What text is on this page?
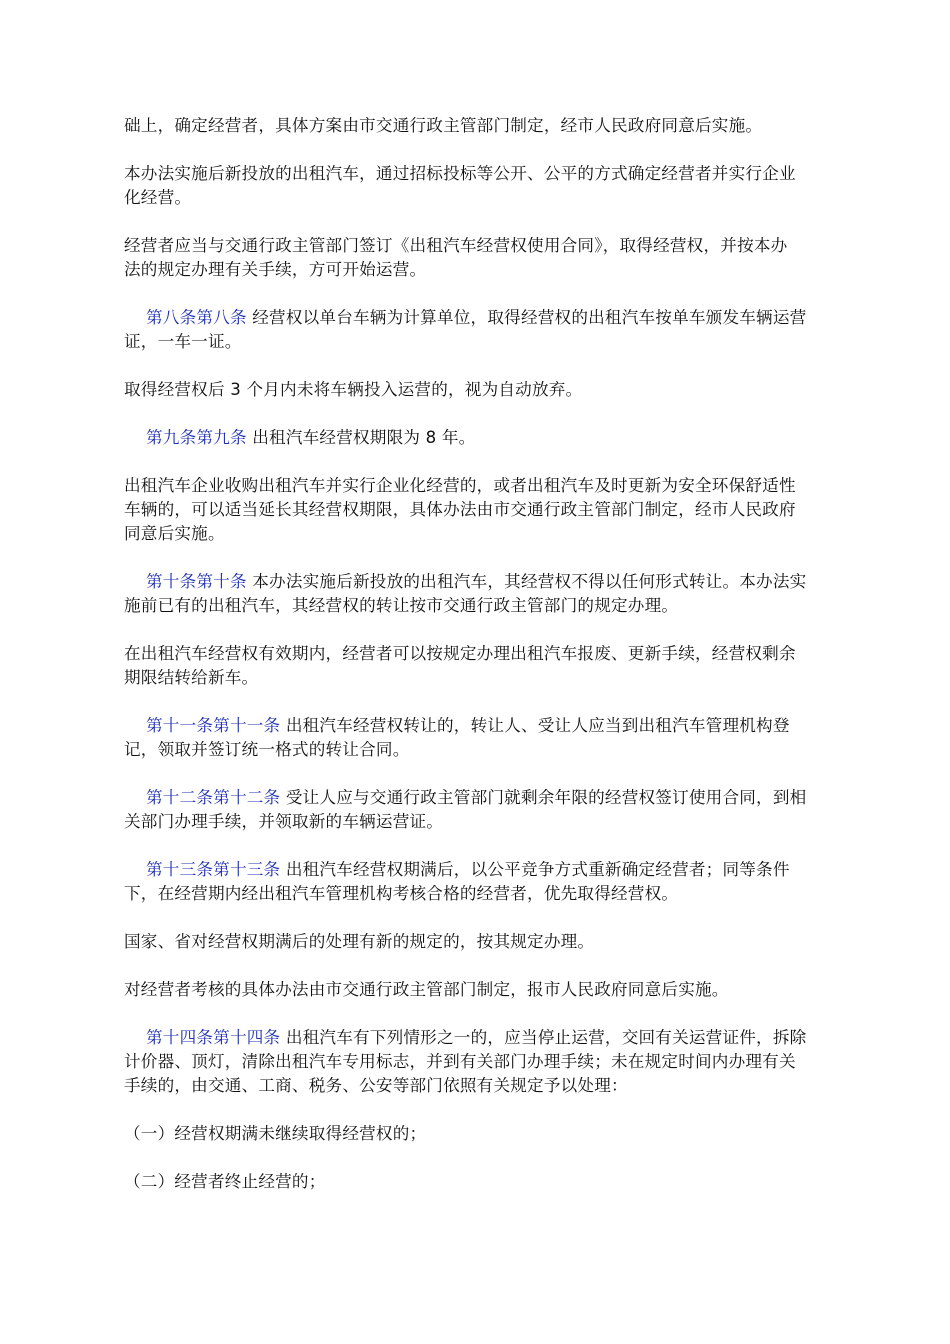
础上，确定经营者，具体方案由市交通行政主管部门制定，经市人民政府同意后实施。

本办法实施后新投放的出租汽车，通过招标投标等公开、公平的方式确定经营者并实行企业
化经营。

经营者应当与交通行政主管部门签订《出租汽车经营权使用合同》，取得经营权，并按本办
法的规定办理有关手续，方可开始运营。

第八条第八条 经营权以单台车辆为计算单位，取得经营权的出租汽车按单车颁发车辆运营
证，一车一证。

取得经营权后 3 个月内未将车辆投入运营的，视为自动放弃。

第九条第九条 出租汽车经营权期限为 8 年。

出租汽车企业收购出租汽车并实行企业化经营的，或者出租汽车及时更新为安全环保舒适性
车辆的，可以适当延长其经营权期限，具体办法由市交通行政主管部门制定，经市人民政府
同意后实施。

第十条第十条 本办法实施后新投放的出租汽车，其经营权不得以任何形式转让。本办法实
施前已有的出租汽车，其经营权的转让按市交通行政主管部门的规定办理。

在出租汽车经营权有效期内，经营者可以按规定办理出租汽车报废、更新手续，经营权剩余
期限结转给新车。

第十一条第十一条 出租汽车经营权转让的，转让人、受让人应当到出租汽车管理机构登
记，领取并签订统一格式的转让合同。

第十二条第十二条 受让人应与交通行政主管部门就剩余年限的经营权签订使用合同，到相
关部门办理手续，并领取新的车辆运营证。

第十三条第十三条 出租汽车经营权期满后，以公平竞争方式重新确定经营者；同等条件
下，在经营期内经出租汽车管理机构考核合格的经营者，优先取得经营权。

国家、省对经营权期满后的处理有新的规定的，按其规定办理。

对经营者考核的具体办法由市交通行政主管部门制定，报市人民政府同意后实施。

第十四条第十四条 出租汽车有下列情形之一的，应当停止运营，交回有关运营证件，拆除
计价器、顶灯，清除出租汽车专用标志，并到有关部门办理手续；未在规定时间内办理有关
手续的，由交通、工商、税务、公安等部门依照有关规定予以处理：

（一）经营权期满未继续取得经营权的；

（二）经营者终止经营的；
